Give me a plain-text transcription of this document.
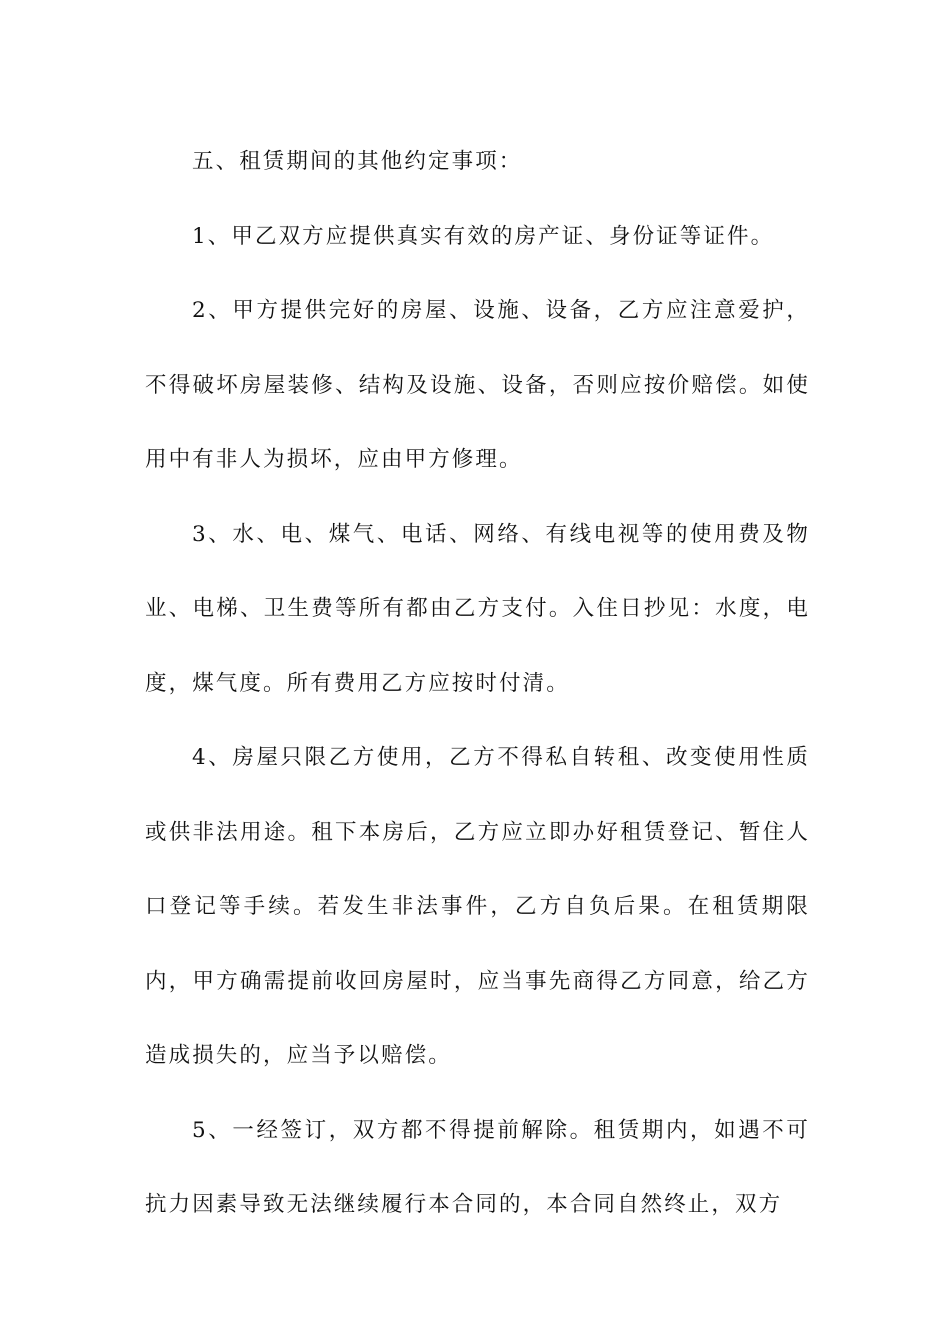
五、租赁期间的其他约定事项：

1、甲乙双方应提供真实有效的房产证、身份证等证件。

2、甲方提供完好的房屋、设施、设备，乙方应注意爱护，不得破坏房屋装修、结构及设施、设备，否则应按价赔偿。如使用中有非人为损坏，应由甲方修理。

3、水、电、煤气、电话、网络、有线电视等的使用费及物业、电梯、卫生费等所有都由乙方支付。入住日抄见：水度，电度，煤气度。所有费用乙方应按时付清。

4、房屋只限乙方使用，乙方不得私自转租、改变使用性质或供非法用途。租下本房后，乙方应立即办好租赁登记、暂住人口登记等手续。若发生非法事件，乙方自负后果。在租赁期限内，甲方确需提前收回房屋时，应当事先商得乙方同意，给乙方造成损失的，应当予以赔偿。

5、一经签订，双方都不得提前解除。租赁期内，如遇不可抗力因素导致无法继续履行本合同的，本合同自然终止，双方
